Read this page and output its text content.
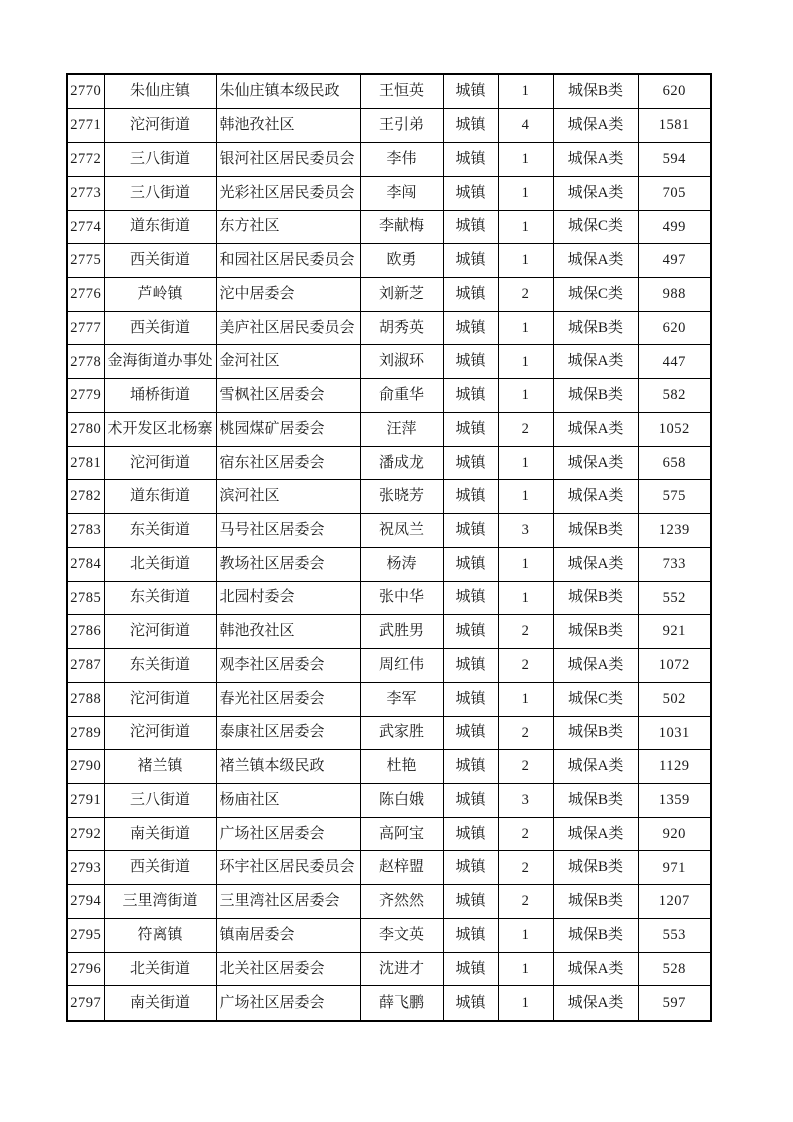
2770	朱仙庄镇	朱仙庄镇本级民政	王恒英	城镇	1	城保B类	620
2771	沱河街道	韩池孜社区	王引弟	城镇	4	城保A类	1581
2772	三八街道	银河社区居民委员会	李伟	城镇	1	城保A类	594
2773	三八街道	光彩社区居民委员会	李闯	城镇	1	城保A类	705
2774	道东街道	东方社区	李献梅	城镇	1	城保C类	499
2775	西关街道	和园社区居民委员会	欧勇	城镇	1	城保A类	497
2776	芦岭镇	沱中居委会	刘新芝	城镇	2	城保C类	988
2777	西关街道	美庐社区居民委员会	胡秀英	城镇	1	城保B类	620
2778	金海街道办事处	金河社区	刘淑环	城镇	1	城保A类	447
2779	埇桥街道	雪枫社区居委会	俞重华	城镇	1	城保B类	582
2780	术开发区北杨寨	桃园煤矿居委会	汪萍	城镇	2	城保A类	1052
2781	沱河街道	宿东社区居委会	潘成龙	城镇	1	城保A类	658
2782	道东街道	滨河社区	张晓芳	城镇	1	城保A类	575
2783	东关街道	马号社区居委会	祝凤兰	城镇	3	城保B类	1239
2784	北关街道	教场社区居委会	杨涛	城镇	1	城保A类	733
2785	东关街道	北园村委会	张中华	城镇	1	城保B类	552
2786	沱河街道	韩池孜社区	武胜男	城镇	2	城保B类	921
2787	东关街道	观李社区居委会	周红伟	城镇	2	城保A类	1072
2788	沱河街道	春光社区居委会	李军	城镇	1	城保C类	502
2789	沱河街道	泰康社区居委会	武家胜	城镇	2	城保B类	1031
2790	褚兰镇	褚兰镇本级民政	杜艳	城镇	2	城保A类	1129
2791	三八街道	杨庙社区	陈白娥	城镇	3	城保B类	1359
2792	南关街道	广场社区居委会	高阿宝	城镇	2	城保A类	920
2793	西关街道	环宇社区居民委员会	赵梓盟	城镇	2	城保B类	971
2794	三里湾街道	三里湾社区居委会	齐然然	城镇	2	城保B类	1207
2795	符离镇	镇南居委会	李文英	城镇	1	城保B类	553
2796	北关街道	北关社区居委会	沈进才	城镇	1	城保A类	528
2797	南关街道	广场社区居委会	薛飞鹏	城镇	1	城保A类	597
